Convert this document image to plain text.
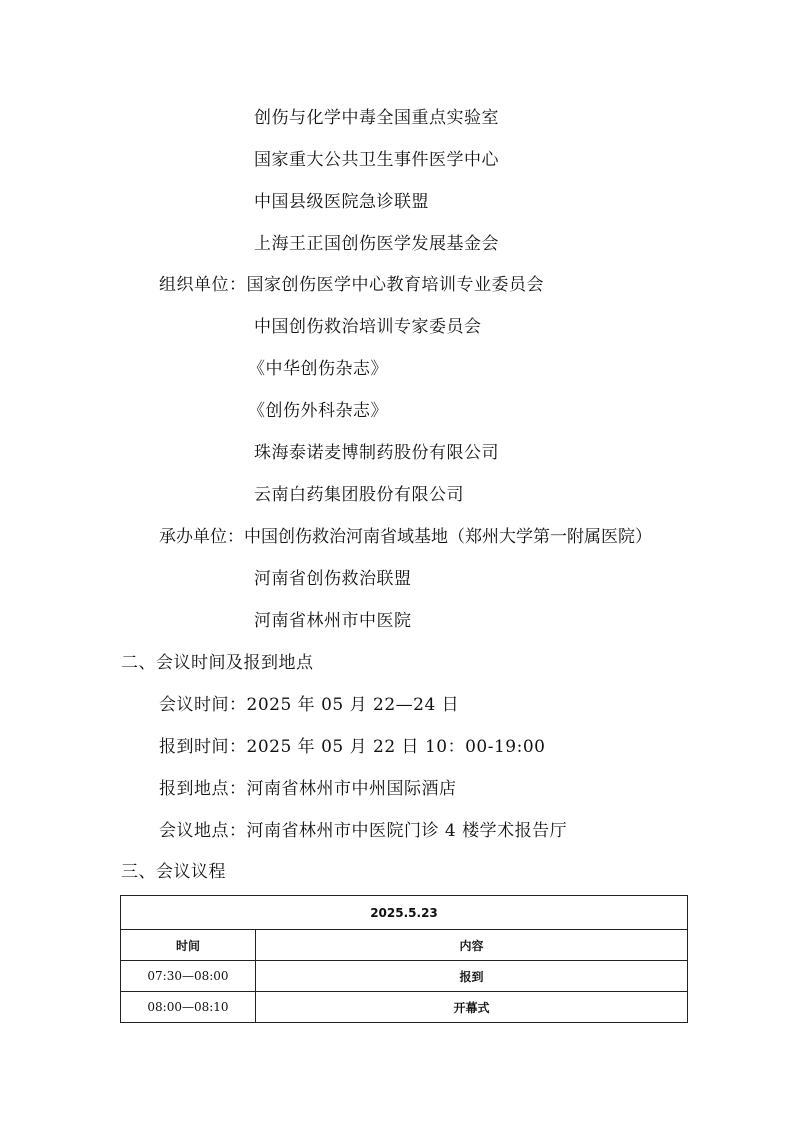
创伤与化学中毒全国重点实验室
国家重大公共卫生事件医学中心
中国县级医院急诊联盟
上海王正国创伤医学发展基金会
组织单位：国家创伤医学中心教育培训专业委员会
中国创伤救治培训专家委员会
《中华创伤杂志》
《创伤外科杂志》
珠海泰诺麦博制药股份有限公司
云南白药集团股份有限公司
承办单位：中国创伤救治河南省域基地（郑州大学第一附属医院）
河南省创伤救治联盟
河南省林州市中医院
二、会议时间及报到地点
会议时间：2025 年 05 月 22—24 日
报到时间：2025 年 05 月 22 日 10：00-19:00
报到地点：河南省林州市中州国际酒店
会议地点：河南省林州市中医院门诊 4 楼学术报告厅
三、会议议程
2025.5.23	
时间	内容
07:30—08:00	报到
08:00—08:10	开幕式
